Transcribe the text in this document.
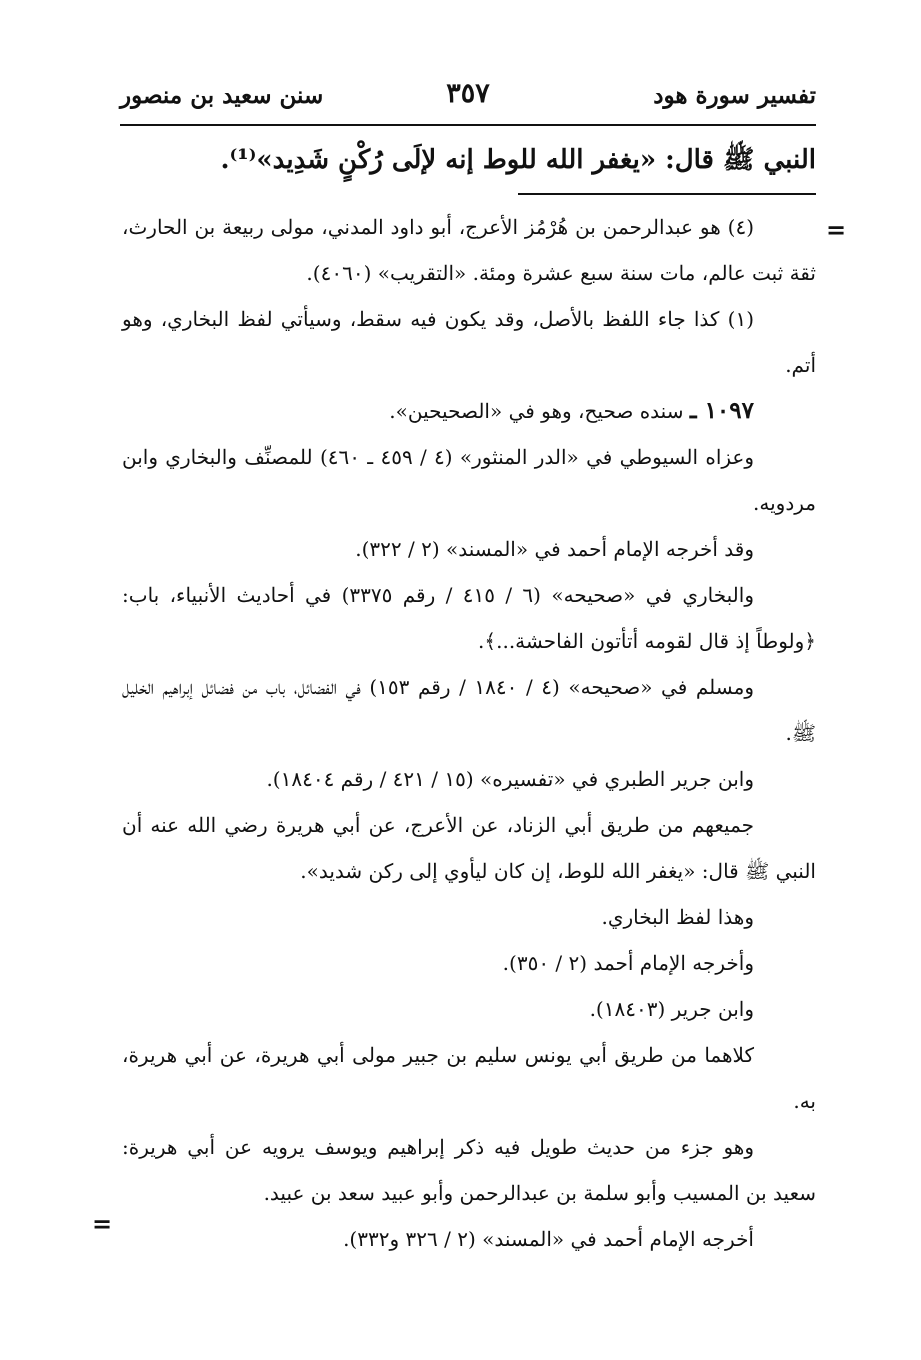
تفسير سورة هود
٣٥٧
سنن سعيد بن منصور
النبي ﷺ قال: «يغفر الله للوط إنه لإلَى رُكْنٍ شَدِيد»⁽¹⁾.
=
=

(٤) هو عبدالرحمن بن هُرْمُز الأعرج، أبو داود المدني، مولى ربيعة بن الحارث، ثقة ثبت عالم، مات سنة سبع عشرة ومئة. «التقريب» (٤٠٦٠).

(١) كذا جاء اللفظ بالأصل، وقد يكون فيه سقط، وسيأتي لفظ البخاري، وهو أتم.

١٠٩٧ ـ سنده صحيح، وهو في «الصحيحين».

وعزاه السيوطي في «الدر المنثور» (٤ / ٤٥٩ ـ ٤٦٠) للمصنِّف والبخاري وابن مردويه.

وقد أخرجه الإمام أحمد في «المسند» (٢ / ٣٢٢).

والبخاري في «صحيحه» (٦ / ٤١٥ / رقم ٣٣٧٥) في أحاديث الأنبياء، باب: ﴿ولوطاً إذ قال لقومه أتأتون الفاحشة...﴾.

ومسلم في «صحيحه» (٤ / ١٨٤٠ / رقم ١٥٣) في الفضائل، باب من فضائل إبراهيم الخليل ﷺ.

وابن جرير الطبري في «تفسيره» (١٥ / ٤٢١ / رقم ١٨٤٠٤).

جميعهم من طريق أبي الزناد، عن الأعرج، عن أبي هريرة رضي الله عنه أن النبي ﷺ قال: «يغفر الله للوط، إن كان ليأوي إلى ركن شديد».

وهذا لفظ البخاري.

وأخرجه الإمام أحمد (٢ / ٣٥٠).

وابن جرير (١٨٤٠٣).

كلاهما من طريق أبي يونس سليم بن جبير مولى أبي هريرة، عن أبي هريرة، به.

وهو جزء من حديث طويل فيه ذكر إبراهيم ويوسف يرويه عن أبي هريرة: سعيد بن المسيب وأبو سلمة بن عبدالرحمن وأبو عبيد سعد بن عبيد.

أخرجه الإمام أحمد في «المسند» (٢ / ٣٢٦ و٣٣٢).
